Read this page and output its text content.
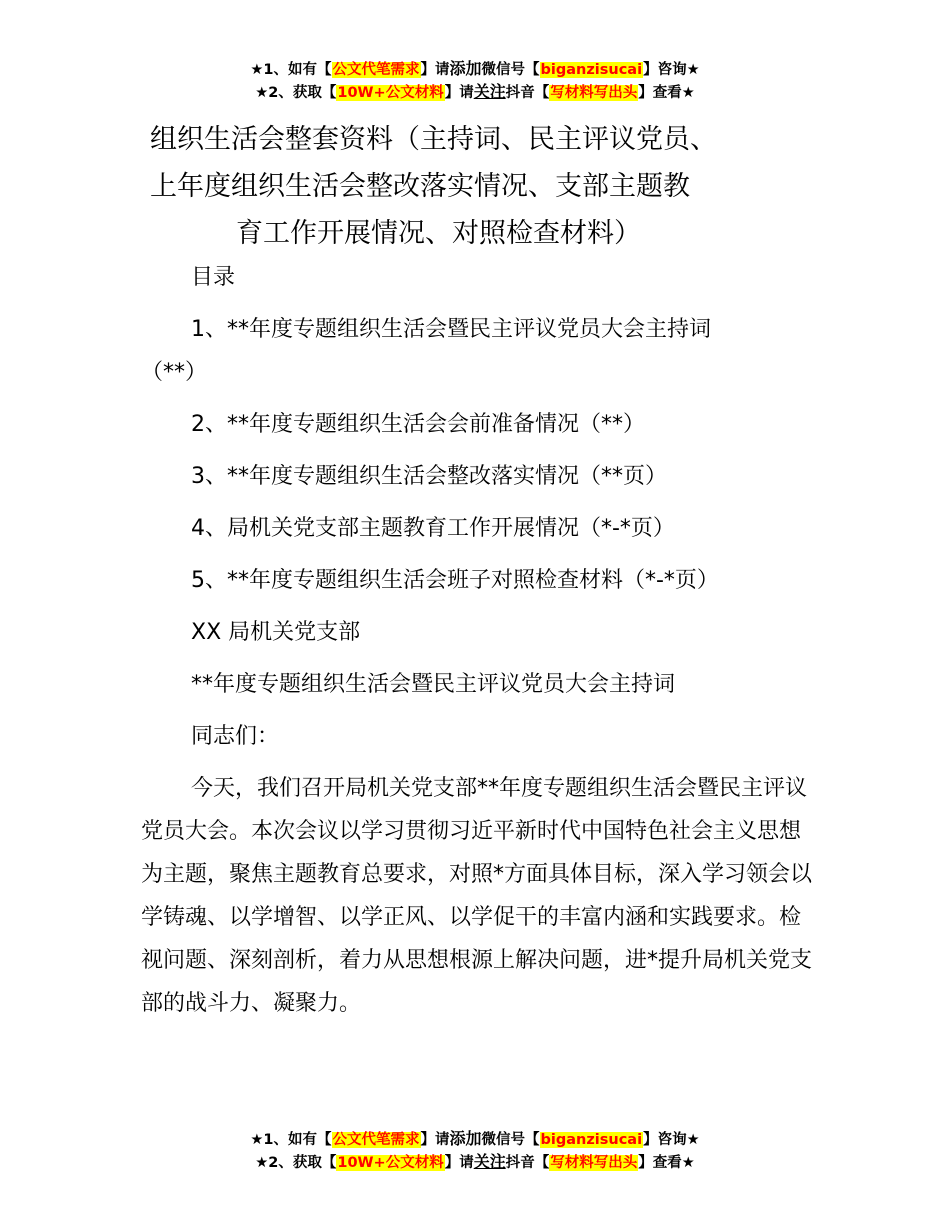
★1、如有【公文代笔需求】请添加微信号【biganzisucai】咨询★
★2、获取【10W+公文材料】请关注抖音【写材料写出头】查看★
组织生活会整套资料（主持词、民主评议党员、
上年度组织生活会整改落实情况、支部主题教
育工作开展情况、对照检查材料）

目录

1、**年度专题组织生活会暨民主评议党员大会主持词

（**）

2、**年度专题组织生活会会前准备情况（**）

3、**年度专题组织生活会整改落实情况（**页）

4、局机关党支部主题教育工作开展情况（*-*页）

5、**年度专题组织生活会班子对照检查材料（*-*页）

XX 局机关党支部

**年度专题组织生活会暨民主评议党员大会主持词

同志们：

今天，我们召开局机关党支部**年度专题组织生活会暨民主评议党员大会。本次会议以学习贯彻习近平新时代中国特色社会主义思想为主题，聚焦主题教育总要求，对照*方面具体目标，深入学习领会以学铸魂、以学增智、以学正风、以学促干的丰富内涵和实践要求。检视问题、深刻剖析，着力从思想根源上解决问题，进*提升局机关党支部的战斗力、凝聚力。

★1、如有【公文代笔需求】请添加微信号【biganzisucai】咨询★
★2、获取【10W+公文材料】请关注抖音【写材料写出头】查看★
